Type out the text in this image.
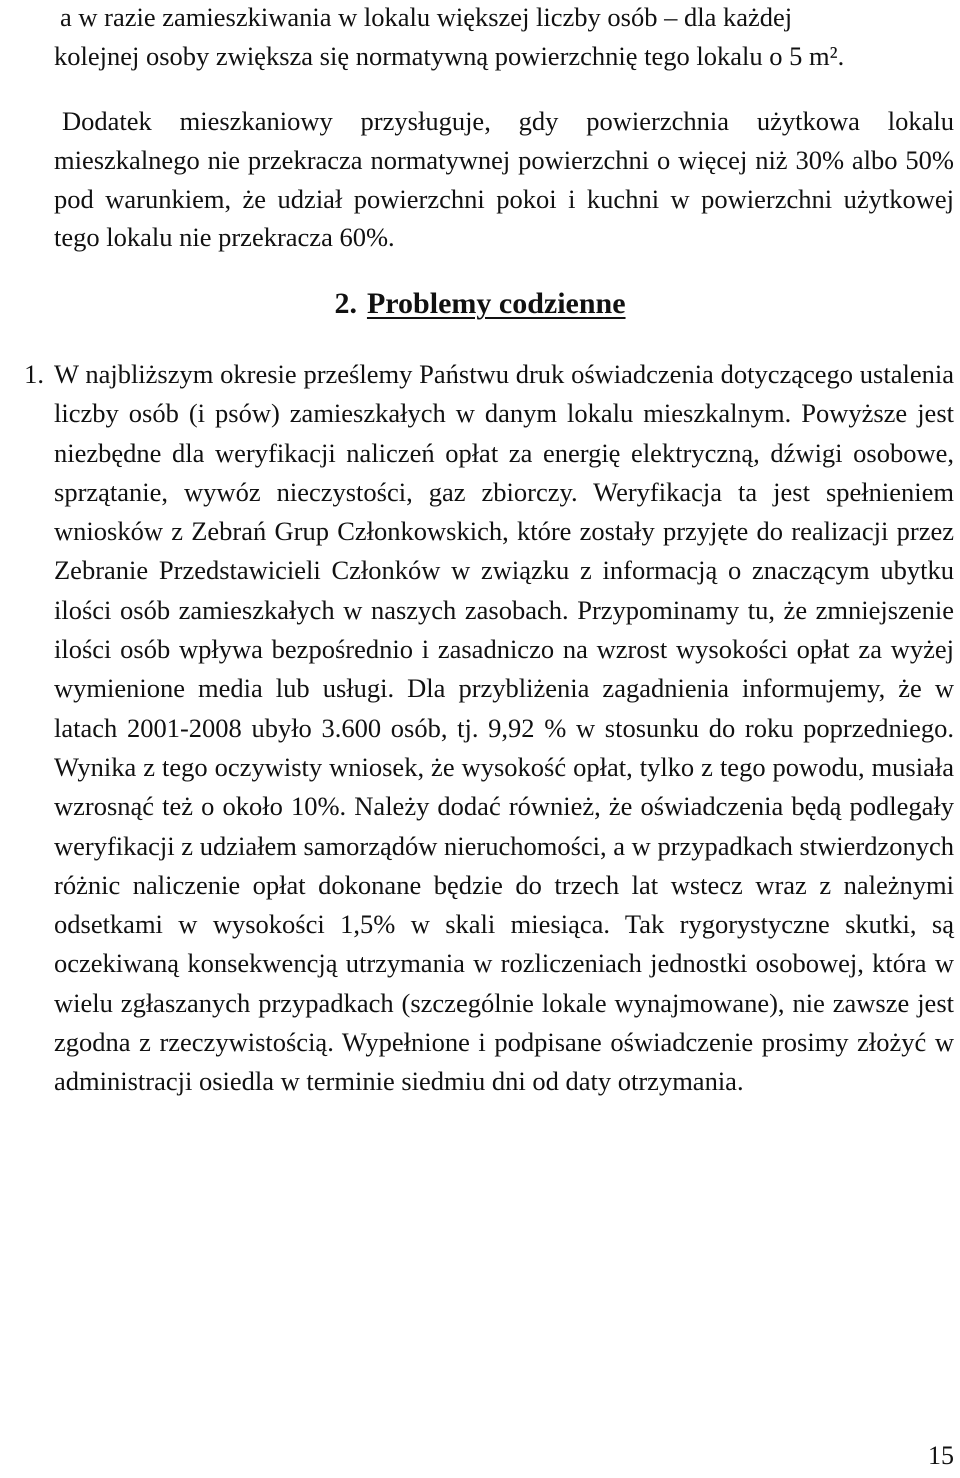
a w razie zamieszkiwania w lokalu większej liczby osób – dla każdej
kolejnej osoby zwiększa się normatywną powierzchnię tego lokalu o 5 m².

Dodatek mieszkaniowy przysługuje, gdy powierzchnia użytkowa lokalu mieszkalnego nie przekracza normatywnej powierzchni o więcej niż 30% albo 50% pod warunkiem, że udział powierzchni pokoi i kuchni w powierzchni użytkowej tego lokalu nie przekracza 60%.

2. Problemy codzienne

1. W najbliższym okresie prześlemy Państwu druk oświadczenia dotyczącego ustalenia liczby osób (i psów) zamieszkałych w danym lokalu mieszkalnym. Powyższe jest niezbędne dla weryfikacji naliczeń opłat za energię elektryczną, dźwigi osobowe, sprzątanie, wywóz nieczystości, gaz zbiorczy. Weryfikacja ta jest spełnieniem wniosków z Zebrań Grup Członkowskich, które zostały przyjęte do realizacji przez Zebranie Przedstawicieli Członków w związku z informacją o znaczącym ubytku ilości osób zamieszkałych w naszych zasobach. Przypominamy tu, że zmniejszenie ilości osób wpływa bezpośrednio i zasadniczo na wzrost wysokości opłat za wyżej wymienione media lub usługi. Dla przybliżenia zagadnienia informujemy, że w latach 2001-2008 ubyło 3.600 osób, tj. 9,92 % w stosunku do roku poprzedniego. Wynika z tego oczywisty wniosek, że wysokość opłat, tylko z tego powodu, musiała wzrosnąć też o około 10%. Należy dodać również, że oświadczenia będą podlegały weryfikacji z udziałem samorządów nieruchomości, a w przypadkach stwierdzonych różnic naliczenie opłat dokonane będzie do trzech lat wstecz wraz z należnymi odsetkami w wysokości 1,5% w skali miesiąca. Tak rygorystyczne skutki, są oczekiwaną konsekwencją utrzymania w rozliczeniach jednostki osobowej, która w wielu zgłaszanych przypadkach (szczególnie lokale wynajmowane), nie zawsze jest zgodna z rzeczywistością. Wypełnione i podpisane oświadczenie prosimy złożyć w administracji osiedla w terminie siedmiu dni od daty otrzymania.

15
